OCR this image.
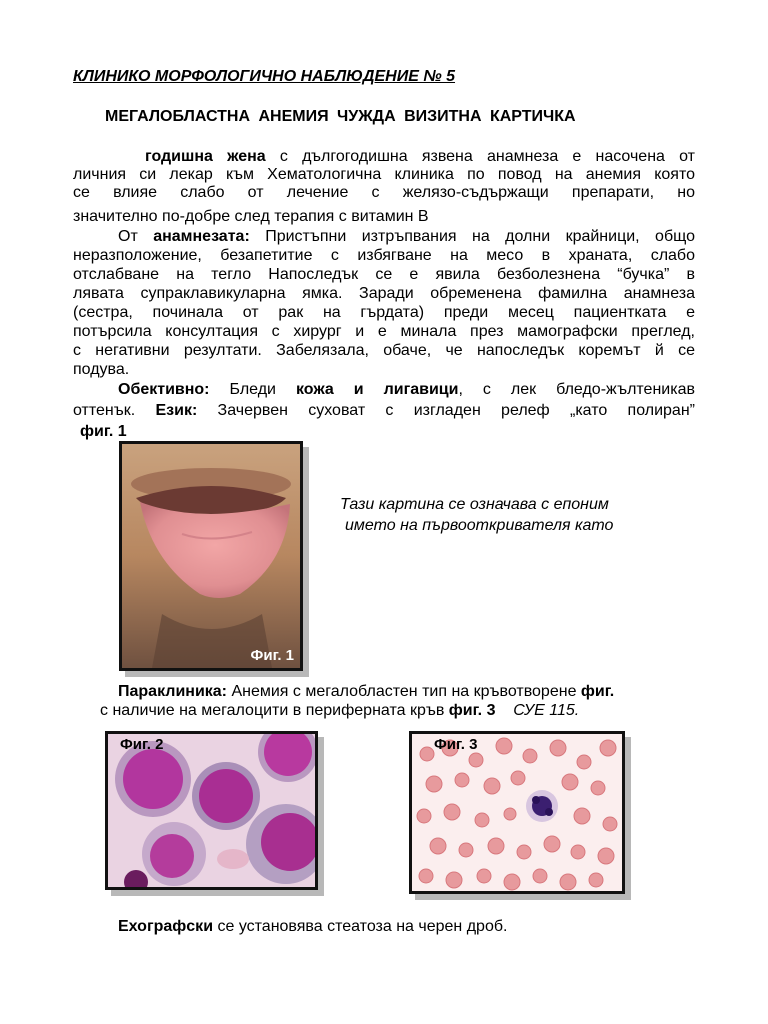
КЛИНИКО МОРФОЛОГИЧНО НАБЛЮДЕНИЕ № 5
МЕГАЛОБЛАСТНА АНЕМИЯ ЧУЖДА ВИЗИТНА КАРТИЧКА
годишна жена с дългогодишна язвена анамнеза е насочена от
личния си лекар към Хематологична клиника по повод на анемия която
се влияе слабо от лечение с желязо-съдържащи препарати, но
значително по-добре след терапия с витамин В
От анамнезата: Пристъпни изтръпвания на долни крайници, общо
неразположение, безапетитие с избягване на месо в храната, слабо
отслабване на тегло Напоследък се е явила безболезнена “бучка” в
лявата супраклавикуларна ямка. Заради обременена фамилна анамнеза
(сестра, починала от рак на гърдата) преди месец пациентката е
потърсила консултация с хирург и е минала през мамографски преглед,
с негативни резултати. Забелязала, обаче, че напоследък коремът й се
подува.
Обективно: Бледи кожа и лигавици, с лек бледо-жълтеникав
оттенък. Език: Зачервен суховат с изгладен релеф „като полиран”
фиг. 1
Фиг. 1
Тази картина се означава с епоним
името на първооткривателя като
Параклиника: Анемия с мегалобластен тип на кръвотворене фиг.
с наличие на мегалоцити в периферната кръв фиг. 3 СУЕ 115.
Фиг. 2	Фиг. 3
Ехографски се установява стеатоза на черен дроб.
